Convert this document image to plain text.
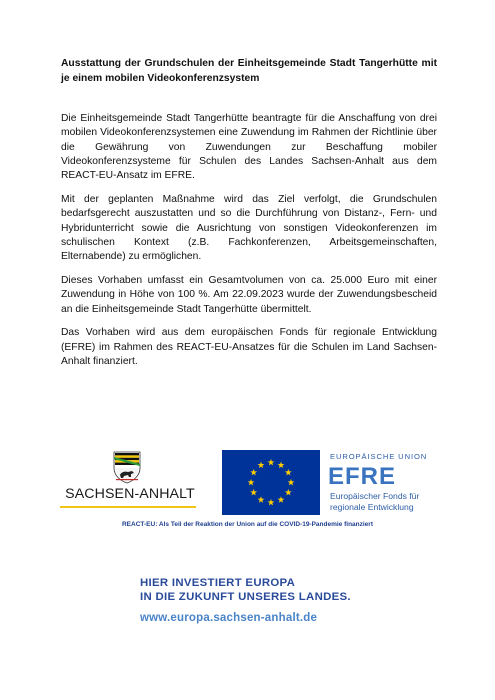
Ausstattung der Grundschulen der Einheitsgemeinde Stadt Tangerhütte mit je einem mobilen Videokonferenzsystem

Die Einheitsgemeinde Stadt Tangerhütte beantragte für die Anschaffung von drei mobilen Videokonferenzsystemen eine Zuwendung im Rahmen der Richtlinie über die Gewährung von Zuwendungen zur Beschaffung mobiler Videokonferenzsysteme für Schulen des Landes Sachsen-Anhalt aus dem REACT-EU-Ansatz im EFRE.

Mit der geplanten Maßnahme wird das Ziel verfolgt, die Grundschulen bedarfsgerecht auszustatten und so die Durchführung von Distanz-, Fern- und Hybridunterricht sowie die Ausrichtung von sonstigen Videokonferenzen im schulischen Kontext (z.B. Fachkonferenzen, Arbeitsgemeinschaften, Elternabende) zu ermöglichen.

Dieses Vorhaben umfasst ein Gesamtvolumen von ca. 25.000 Euro mit einer Zuwendung in Höhe von 100 %. Am 22.09.2023 wurde der Zuwendungsbescheid an die Einheitsgemeinde Stadt Tangerhütte übermittelt.

Das Vorhaben wird aus dem europäischen Fonds für regionale Entwicklung (EFRE) im Rahmen des REACT-EU-Ansatzes für die Schulen im Land Sachsen-Anhalt finanziert.

SACHSEN-ANHALT
EUROPÄISCHE UNION
EFRE
Europäischer Fonds für
regionale Entwicklung
REACT-EU: Als Teil der Reaktion der Union auf die COVID-19-Pandemie finanziert
HIER INVESTIERT EUROPA
IN DIE ZUKUNFT UNSERES LANDES.
www.europa.sachsen-anhalt.de
